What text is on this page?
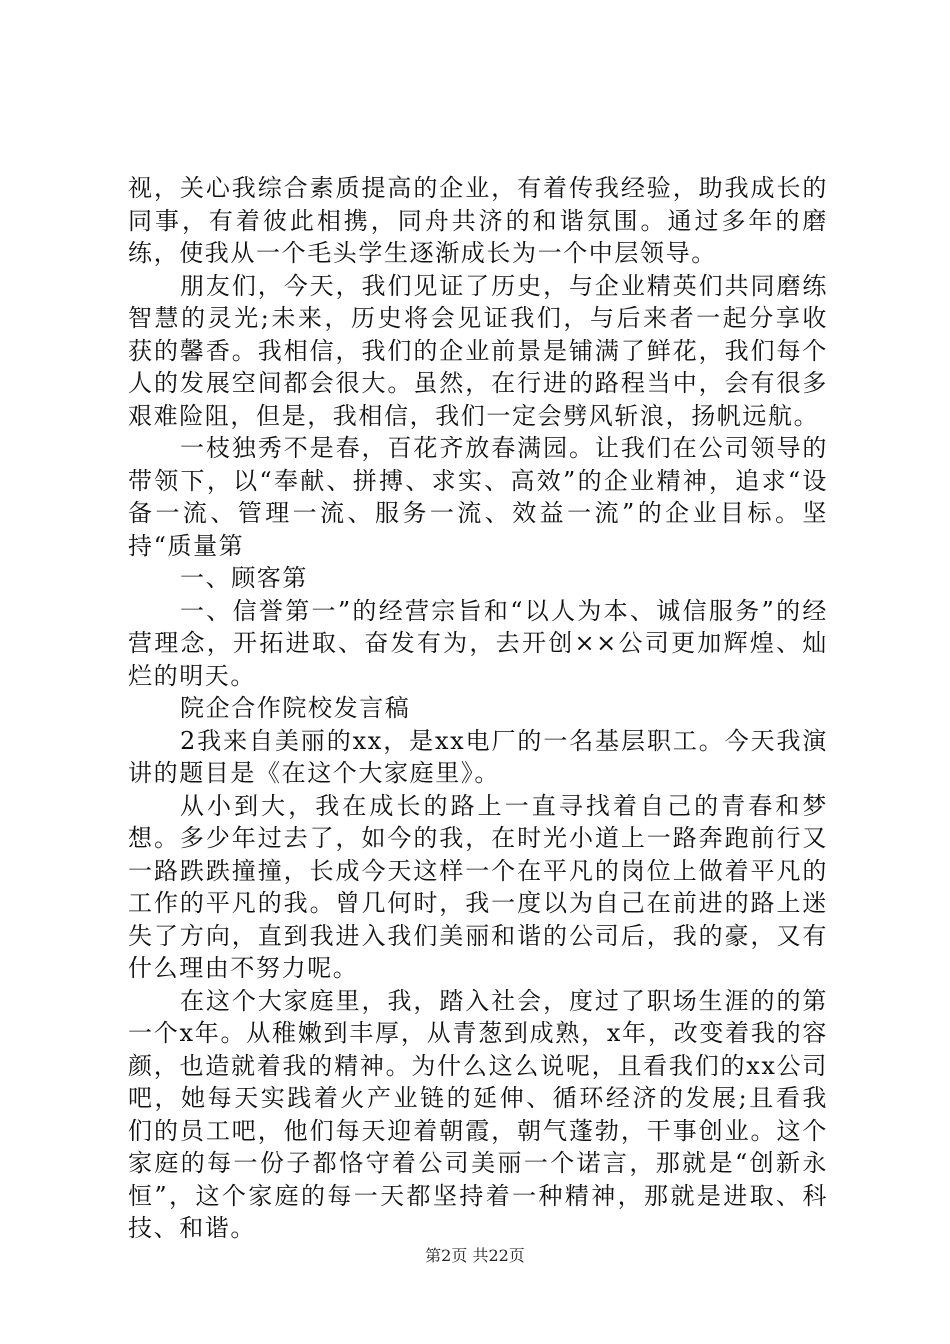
视，关心我综合素质提高的企业，有着传我经验，助我成长的同事，有着彼此相携，同舟共济的和谐氛围。通过多年的磨练，使我从一个毛头学生逐渐成长为一个中层领导。

朋友们，今天，我们见证了历史，与企业精英们共同磨练智慧的灵光;未来，历史将会见证我们，与后来者一起分享收获的馨香。我相信，我们的企业前景是铺满了鲜花，我们每个人的发展空间都会很大。虽然，在行进的路程当中，会有很多艰难险阻，但是，我相信，我们一定会劈风斩浪，扬帆远航。

一枝独秀不是春，百花齐放春满园。让我们在公司领导的带领下，以“奉献、拼搏、求实、高效”的企业精神，追求“设备一流、管理一流、服务一流、效益一流”的企业目标。坚持“质量第

一、顾客第

一、信誉第一”的经营宗旨和“以人为本、诚信服务”的经营理念，开拓进取、奋发有为，去开创××公司更加辉煌、灿烂的明天。

院企合作院校发言稿

2我来自美丽的xx，是xx电厂的一名基层职工。今天我演讲的题目是《在这个大家庭里》。

从小到大，我在成长的路上一直寻找着自己的青春和梦想。多少年过去了，如今的我，在时光小道上一路奔跑前行又一路跌跌撞撞，长成今天这样一个在平凡的岗位上做着平凡的工作的平凡的我。曾几何时，我一度以为自己在前进的路上迷失了方向，直到我进入我们美丽和谐的公司后，我的豪，又有什么理由不努力呢。

在这个大家庭里，我，踏入社会，度过了职场生涯的的第一个x年。从稚嫩到丰厚，从青葱到成熟，x年，改变着我的容颜，也造就着我的精神。为什么这么说呢，且看我们的xx公司吧，她每天实践着火产业链的延伸、循环经济的发展;且看我们的员工吧，他们每天迎着朝霞，朝气蓬勃，干事创业。这个家庭的每一份子都恪守着公司美丽一个诺言，那就是“创新永恒”，这个家庭的每一天都坚持着一种精神，那就是进取、科技、和谐。

第2页 共22页
